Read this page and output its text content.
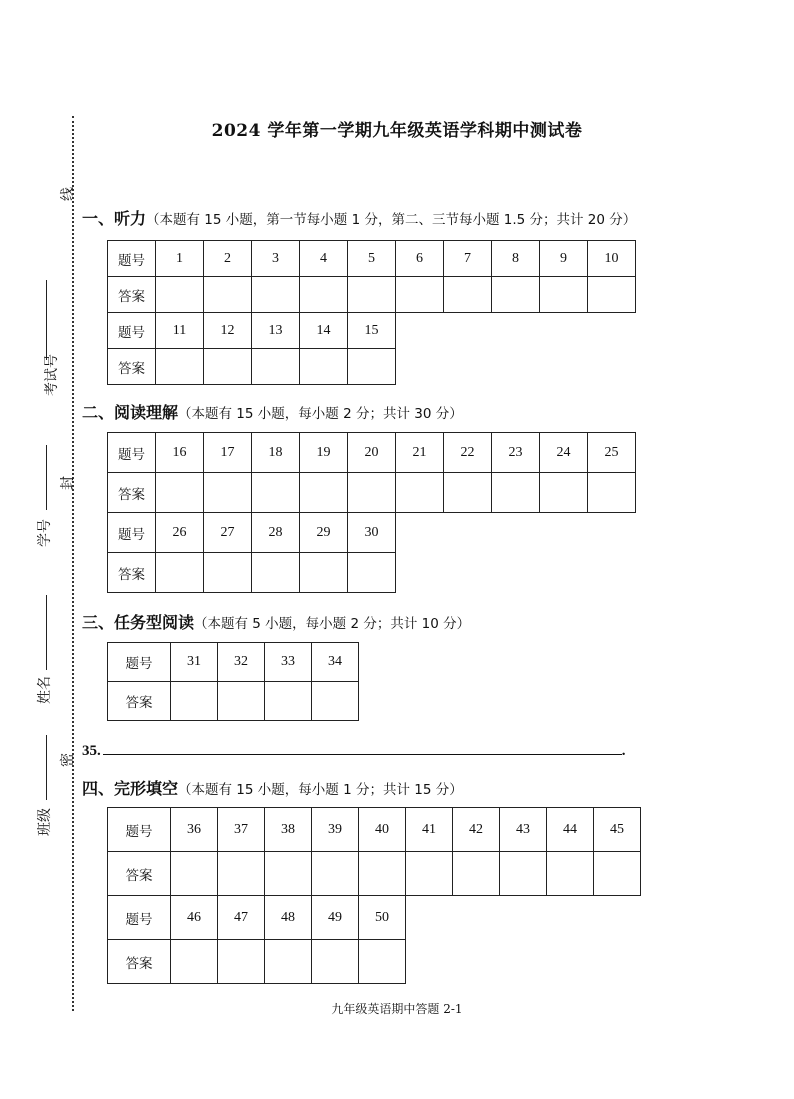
2024 学年第一学期九年级英语学科期中测试卷
线
考试号
封
学号
姓名
密
班级
一、听力（本题有 15 小题，第一节每小题 1 分，第二、三节每小题 1.5 分；共计 20 分）
题号	1	2	3	4	5	6	7	8	9	10
答案										
题号	11	12	13	14	15					
答案										
二、阅读理解（本题有 15 小题，每小题 2 分；共计 30 分）
题号	16	17	18	19	20	21	22	23	24	25
答案										
题号	26	27	28	29	30					
答案										
三、任务型阅读（本题有 5 小题，每小题 2 分；共计 10 分）
题号	31	32	33	34
答案				
35.	.
四、完形填空（本题有 15 小题，每小题 1 分；共计 15 分）
题号	36	37	38	39	40	41	42	43	44	45
答案										
题号	46	47	48	49	50					
答案										
九年级英语期中答题 2-1
